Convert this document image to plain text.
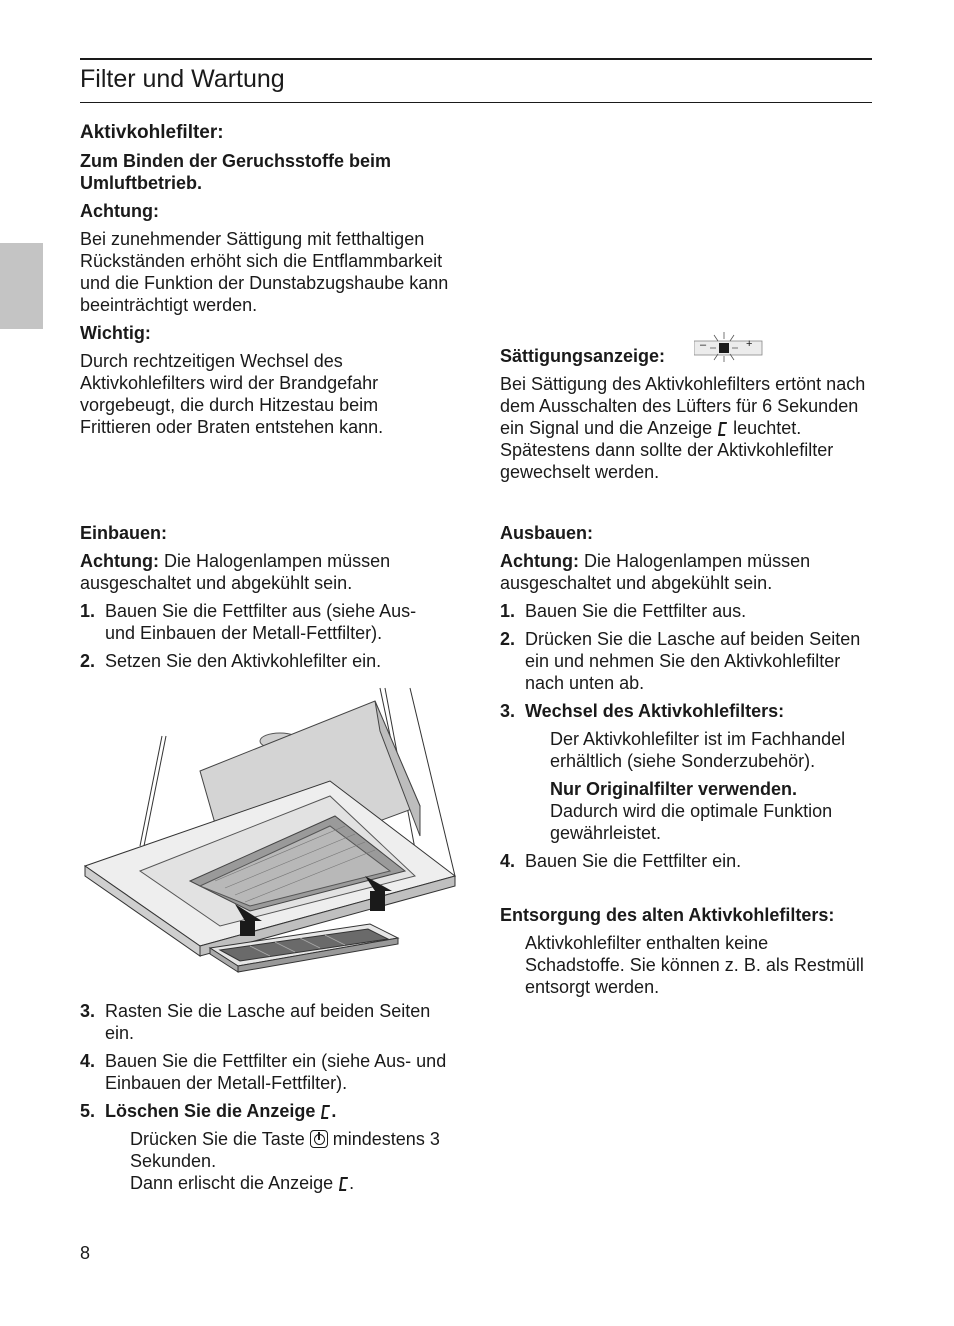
Filter und Wartung

Aktivkohlefilter:

Zum Binden der Geruchsstoffe beim Umluftbetrieb.

Achtung:

Bei zunehmender Sättigung mit fetthaltigen Rückständen erhöht sich die Entflammbarkeit und die Funktion der Dunstabzugshaube kann beeinträchtigt werden.

Wichtig:

Durch rechtzeitigen Wechsel des Aktivkohlefilters wird der Brandgefahr vorgebeugt, die durch Hitzestau beim Frittieren oder Braten entstehen kann.

Einbauen:

Achtung: Die Halogenlampen müssen ausgeschaltet und abgekühlt sein.

1. Bauen Sie die Fettfilter aus (siehe Aus- und Einbauen der Metall-Fettfilter).
2. Setzen Sie den Aktivkohlefilter ein.
3. Rasten Sie die Lasche auf beiden Seiten ein.
4. Bauen Sie die Fettfilter ein (siehe Aus- und Einbauen der Metall-Fettfilter).
5. Löschen Sie die Anzeige .

Drücken Sie die Taste  mindestens 3 Sekunden.

Dann erlischt die Anzeige .

8

Sättigungsanzeige:

Bei Sättigung des Aktivkohlefilters ertönt nach dem Ausschalten des Lüfters für 6 Sekunden ein Signal und die Anzeige  leuchtet. Spätestens dann sollte der Aktivkohlefilter gewechselt werden.

–	+

Ausbauen:

Achtung: Die Halogenlampen müssen ausgeschaltet und abgekühlt sein.

1. Bauen Sie die Fettfilter aus.
2. Drücken Sie die Lasche auf beiden Seiten ein und nehmen Sie den Aktivkohlefilter nach unten ab.
3. Wechsel des Aktivkohlefilters:

Der Aktivkohlefilter ist im Fachhandel erhältlich (siehe Sonderzubehör).

Nur Originalfilter verwenden.

Dadurch wird die optimale Funktion gewährleistet.

4. Bauen Sie die Fettfilter ein.

Entsorgung des alten Aktivkohlefilters:

Aktivkohlefilter enthalten keine Schadstoffe. Sie können z. B. als Restmüll entsorgt werden.
